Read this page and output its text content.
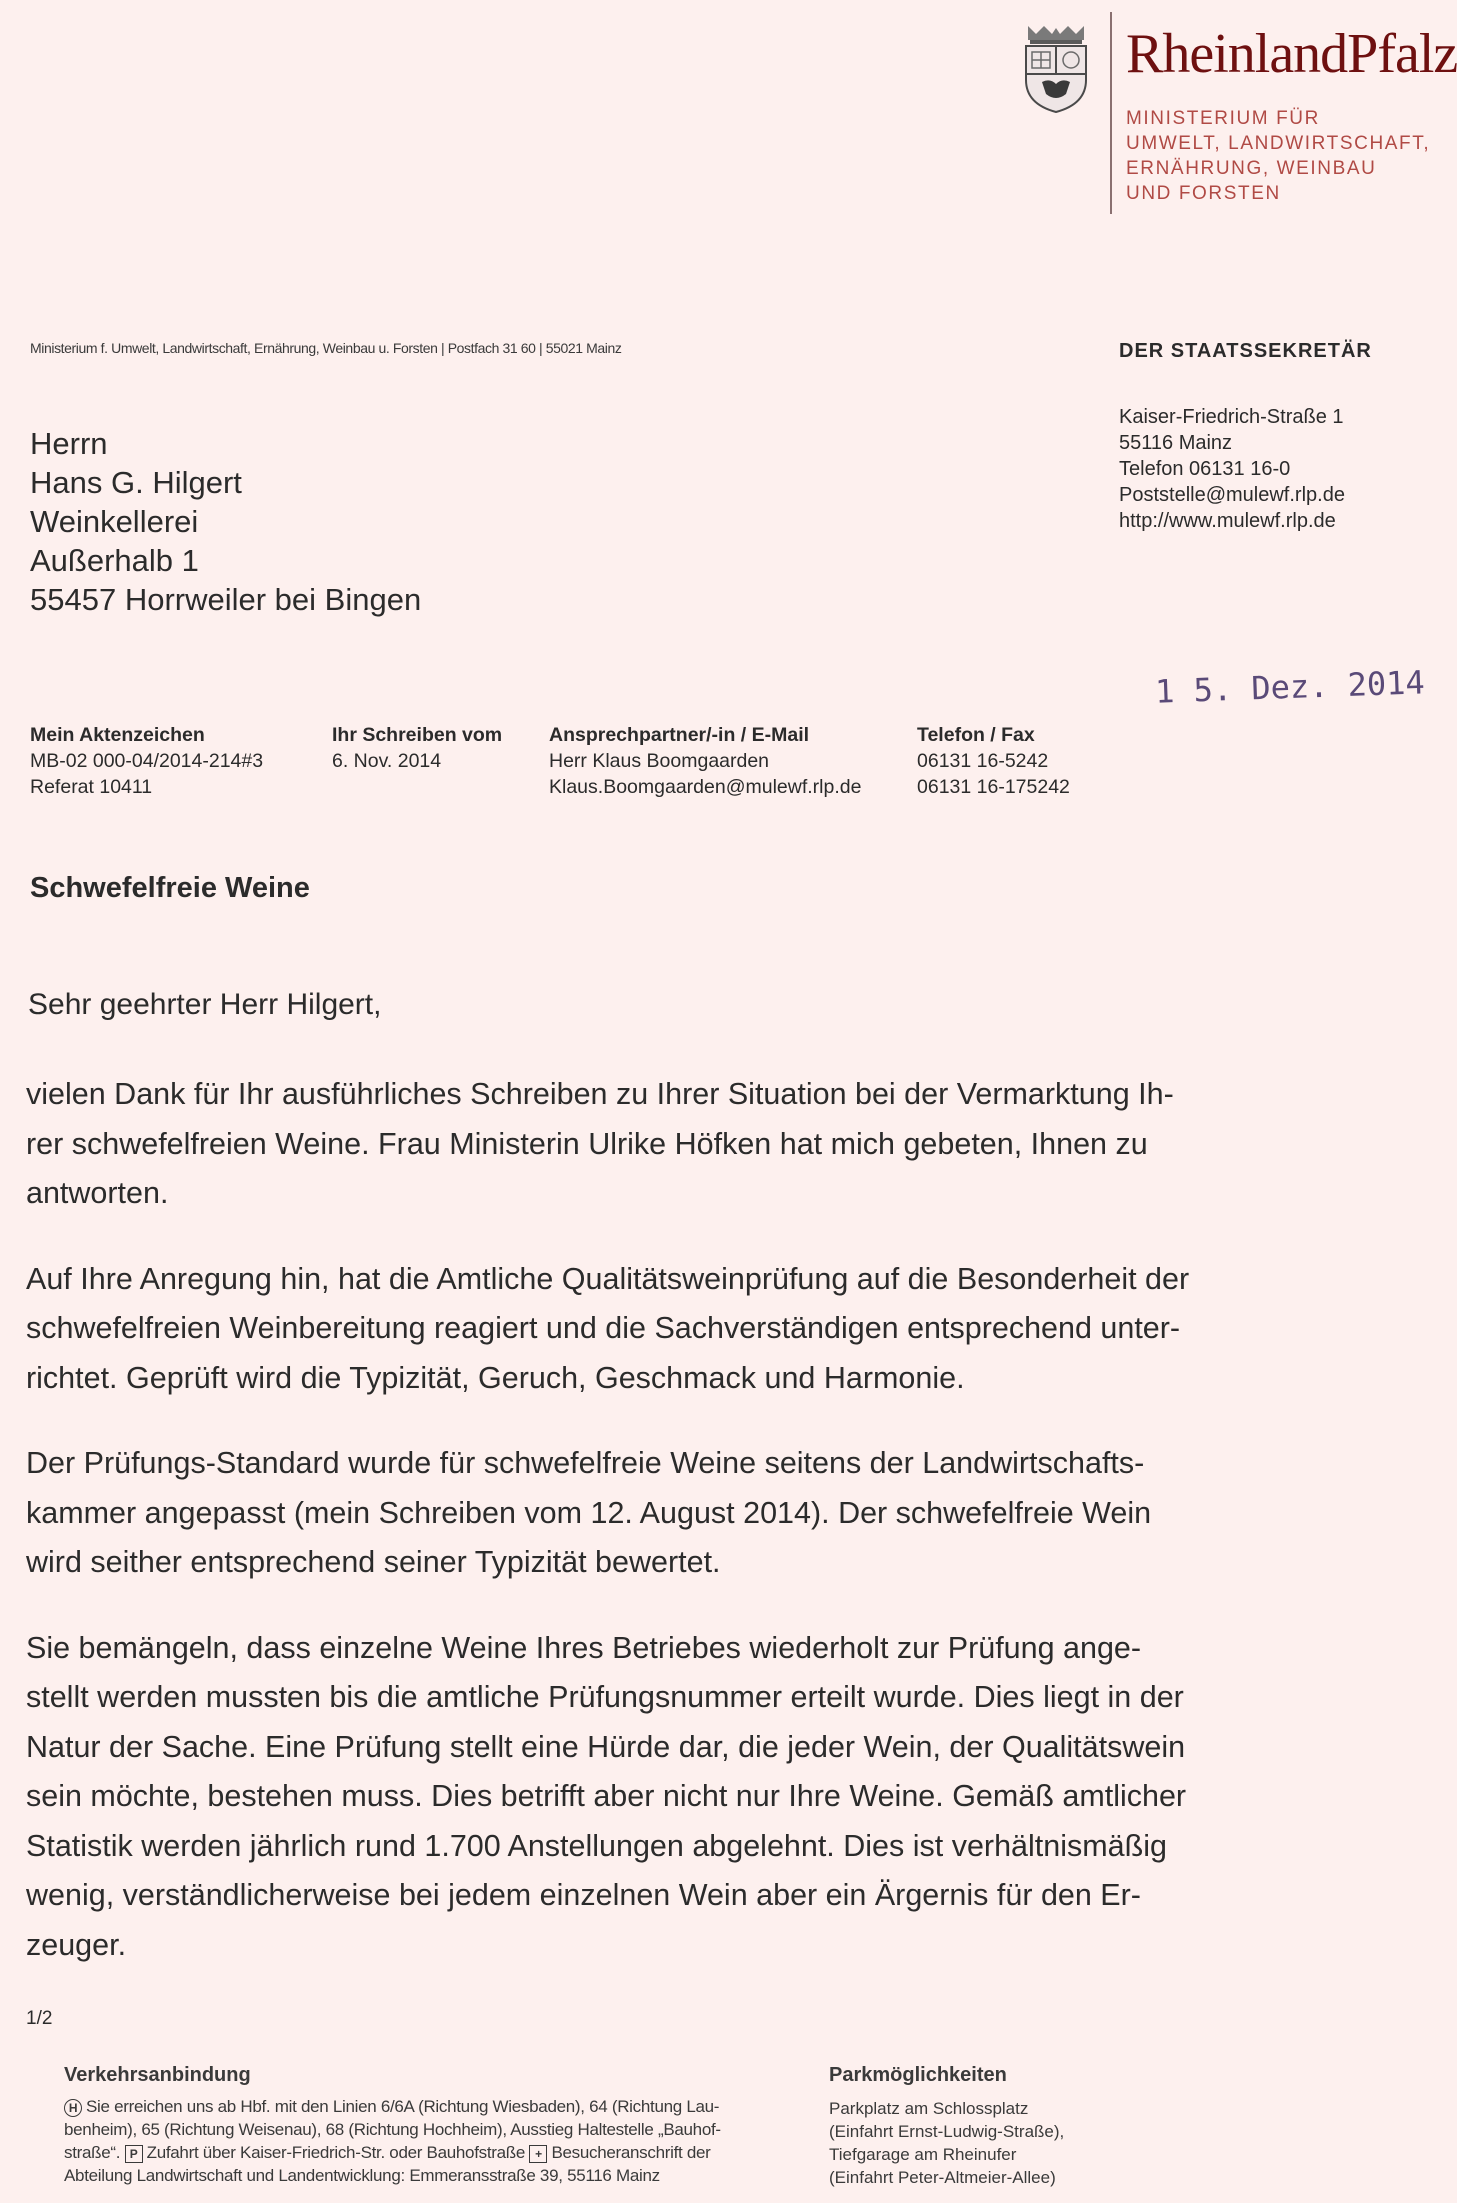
RheinlandPfalz
MINISTERIUM FÜR
UMWELT, LANDWIRTSCHAFT,
ERNÄHRUNG, WEINBAU
UND FORSTEN
Ministerium f. Umwelt, Landwirtschaft, Ernährung, Weinbau u. Forsten | Postfach 31 60 | 55021 Mainz	DER STAATSSEKRETÄR
Kaiser-Friedrich-Straße 1
55116 Mainz
Telefon 06131 16-0
Poststelle@mulewf.rlp.de
http://www.mulewf.rlp.de
Herrn
Hans G. Hilgert
Weinkellerei
Außerhalb 1
55457 Horrweiler bei Bingen
1 5. Dez. 2014
Mein Aktenzeichen
MB-02 000-04/2014-214#3
Referat 10411
Ihr Schreiben vom
6. Nov. 2014
Ansprechpartner/-in / E-Mail
Herr Klaus Boomgaarden
Klaus.Boomgaarden@mulewf.rlp.de
Telefon / Fax
06131 16-5242
06131 16-175242
Schwefelfreie Weine
Sehr geehrter Herr Hilgert,

vielen Dank für Ihr ausführliches Schreiben zu Ihrer Situation bei der Vermarktung Ih-
rer schwefelfreien Weine. Frau Ministerin Ulrike Höfken hat mich gebeten, Ihnen zu
antworten.

Auf Ihre Anregung hin, hat die Amtliche Qualitätsweinprüfung auf die Besonderheit der
schwefelfreien Weinbereitung reagiert und die Sachverständigen entsprechend unter-
richtet. Geprüft wird die Typizität, Geruch, Geschmack und Harmonie.

Der Prüfungs-Standard wurde für schwefelfreie Weine seitens der Landwirtschafts-
kammer angepasst (mein Schreiben vom 12. August 2014). Der schwefelfreie Wein
wird seither entsprechend seiner Typizität bewertet.

Sie bemängeln, dass einzelne Weine Ihres Betriebes wiederholt zur Prüfung ange-
stellt werden mussten bis die amtliche Prüfungsnummer erteilt wurde. Dies liegt in der
Natur der Sache. Eine Prüfung stellt eine Hürde dar, die jeder Wein, der Qualitätswein
sein möchte, bestehen muss. Dies betrifft aber nicht nur Ihre Weine. Gemäß amtlicher
Statistik werden jährlich rund 1.700 Anstellungen abgelehnt. Dies ist verhältnismäßig
wenig, verständlicherweise bei jedem einzelnen Wein aber ein Ärgernis für den Er-
zeuger.

1/2
Verkehrsanbindung
H Sie erreichen uns ab Hbf. mit den Linien 6/6A (Richtung Wiesbaden), 64 (Richtung Lau-
benheim), 65 (Richtung Weisenau), 68 (Richtung Hochheim), Ausstieg Haltestelle „Bauhof-
straße“. P Zufahrt über Kaiser-Friedrich-Str. oder Bauhofstraße + Besucheranschrift der
Abteilung Landwirtschaft und Landentwicklung: Emmeransstraße 39, 55116 Mainz
Parkmöglichkeiten
Parkplatz am Schlossplatz
(Einfahrt Ernst-Ludwig-Straße),
Tiefgarage am Rheinufer
(Einfahrt Peter-Altmeier-Allee)
